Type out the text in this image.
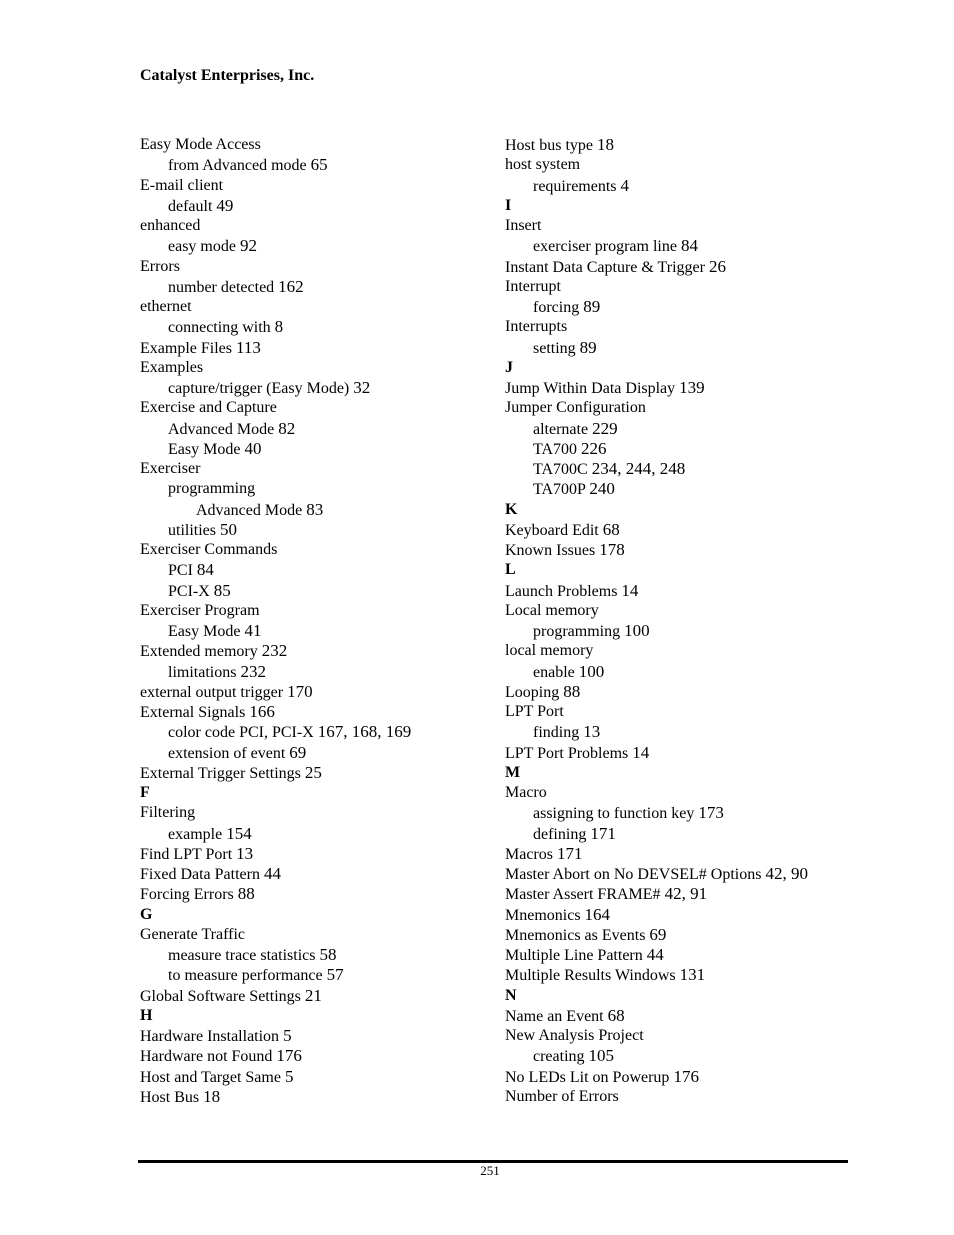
Catalyst Enterprises, Inc.
Easy Mode Access
from Advanced mode 65
E-mail client
default 49
enhanced
easy mode 92
Errors
number detected 162
ethernet
connecting with 8
Example Files 113
Examples
capture/trigger (Easy Mode) 32
Exercise and Capture
Advanced Mode 82
Easy Mode 40
Exerciser
programming
Advanced Mode 83
utilities 50
Exerciser Commands
PCI 84
PCI-X 85
Exerciser Program
Easy Mode 41
Extended memory 232
limitations 232
external output trigger 170
External Signals 166
color code PCI, PCI-X 167, 168, 169
extension of event 69
External Trigger Settings 25
F
Filtering
example 154
Find LPT Port 13
Fixed Data Pattern 44
Forcing Errors 88
G
Generate Traffic
measure trace statistics 58
to measure performance 57
Global Software Settings 21
H
Hardware Installation 5
Hardware not Found 176
Host and Target Same 5
Host Bus 18
Host bus type 18
host system
requirements 4
I
Insert
exerciser program line 84
Instant Data Capture & Trigger 26
Interrupt
forcing 89
Interrupts
setting 89
J
Jump Within Data Display 139
Jumper Configuration
alternate 229
TA700 226
TA700C 234, 244, 248
TA700P 240
K
Keyboard Edit 68
Known Issues 178
L
Launch Problems 14
Local memory
programming 100
local memory
enable 100
Looping 88
LPT Port
finding 13
LPT Port Problems 14
M
Macro
assigning to function key 173
defining 171
Macros 171
Master Abort on No DEVSEL# Options 42, 90
Master Assert FRAME# 42, 91
Mnemonics 164
Mnemonics as Events 69
Multiple Line Pattern 44
Multiple Results Windows 131
N
Name an Event 68
New Analysis Project
creating 105
No LEDs Lit on Powerup 176
Number of Errors
251
